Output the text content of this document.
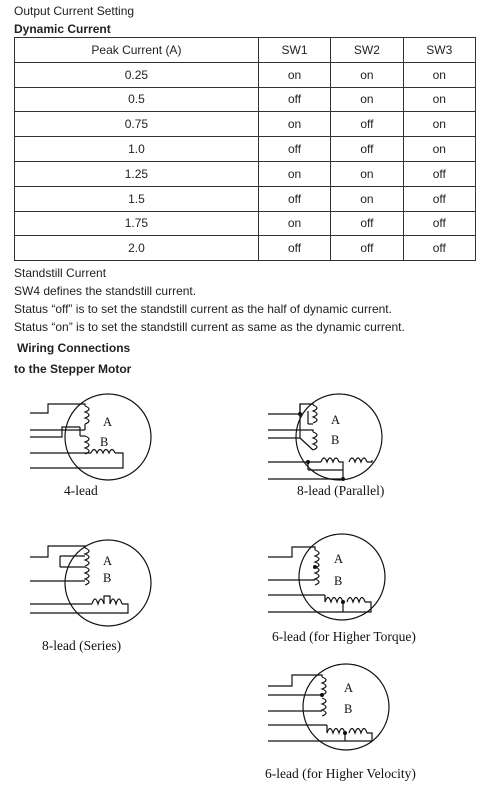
Output Current Setting
Dynamic Current
Peak Current (A)	SW1	SW2	SW3
0.25	on	on	on
0.5	off	on	on
0.75	on	off	on
1.0	off	off	on
1.25	on	on	off
1.5	off	on	off
1.75	on	off	off
2.0	off	off	off
Standstill Current
SW4 defines the standstill current.
Status “off” is to set the standstill current as the half of dynamic current.
Status “on” is to set the standstill current as same as the dynamic current.
Wiring Connections
to the Stepper Motor
A
B
4-lead
A
B
8-lead (Parallel)
A
B
8-lead (Series)
A
B
6-lead (for Higher Torque)
A
B
6-lead (for Higher Velocity)
